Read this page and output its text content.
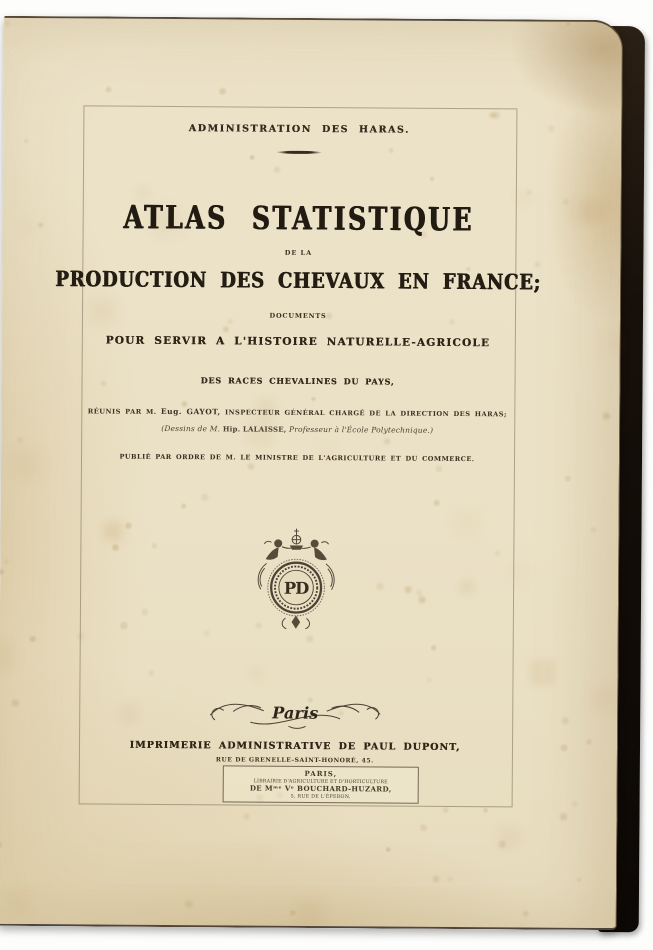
ADMINISTRATION DES HARAS.
ATLAS STATISTIQUE
DE LA
PRODUCTION DES CHEVAUX EN FRANCE;
DOCUMENTS
POUR SERVIR A L'HISTOIRE NATURELLE-AGRICOLE
DES RACES CHEVALINES DU PAYS,
RÉUNIS PAR M. Eug. GAYOT, INSPECTEUR GÉNÉRAL CHARGÉ DE LA DIRECTION DES HARAS;
(Dessins de M. Hip. LALAISSE, Professeur à l'École Polytechnique.)
PUBLIÉ PAR ORDRE DE M. LE MINISTRE DE L'AGRICULTURE ET DU COMMERCE.
PD
Paris
IMPRIMERIE ADMINISTRATIVE DE PAUL DUPONT,
RUE DE GRENELLE-SAINT-HONORÉ, 45.
PARIS,
LIBRAIRIE D'AGRICULTURE ET D'HORTICULTURE
DE Mᵐᵉ Vᵉ BOUCHARD-HUZARD,
5, RUE DE L'ÉPERON.
